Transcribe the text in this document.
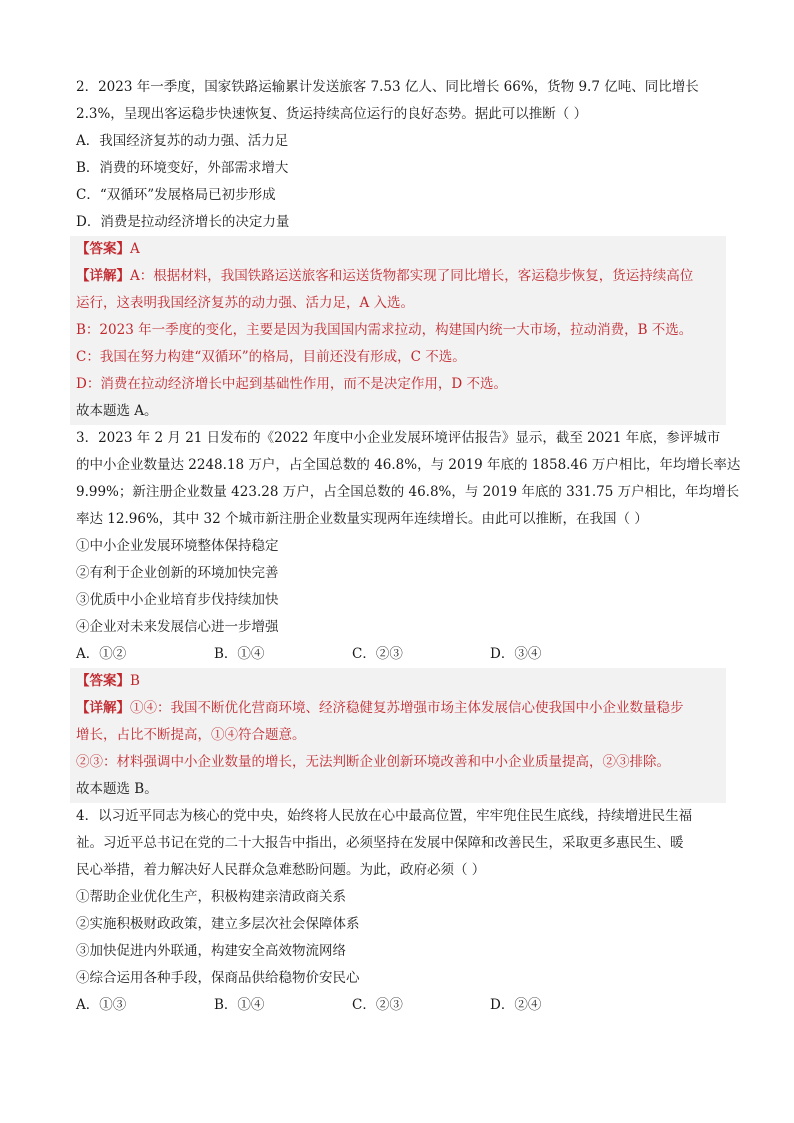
2．2023 年一季度，国家铁路运输累计发送旅客 7.53 亿人、同比增长 66%，货物 9.7 亿吨、同比增长
2.3%，呈现出客运稳步快速恢复、货运持续高位运行的良好态势。据此可以推断（ ）
A．我国经济复苏的动力强、活力足
B．消费的环境变好，外部需求增大
C．“双循环”发展格局已初步形成
D．消费是拉动经济增长的决定力量
【答案】A
【详解】A：根据材料，我国铁路运送旅客和运送货物都实现了同比增长，客运稳步恢复，货运持续高位
运行，这表明我国经济复苏的动力强、活力足，A 入选。
B：2023 年一季度的变化，主要是因为我国国内需求拉动，构建国内统一大市场，拉动消费，B 不选。
C：我国在努力构建“双循环”的格局，目前还没有形成，C 不选。
D：消费在拉动经济增长中起到基础性作用，而不是决定作用，D 不选。
故本题选 A。
3．2023 年 2 月 21 日发布的《2022 年度中小企业发展环境评估报告》显示，截至 2021 年底，参评城市
的中小企业数量达 2248.18 万户，占全国总数的 46.8%，与 2019 年底的 1858.46 万户相比，年均增长率达
9.99%；新注册企业数量 423.28 万户，占全国总数的 46.8%，与 2019 年底的 331.75 万户相比，年均增长
率达 12.96%，其中 32 个城市新注册企业数量实现两年连续增长。由此可以推断，在我国（ ）
①中小企业发展环境整体保持稳定
②有利于企业创新的环境加快完善
③优质中小企业培育步伐持续加快
④企业对未来发展信心进一步增强
A．①②	B．①④	C．②③	D．③④
【答案】B
【详解】①④：我国不断优化营商环境、经济稳健复苏增强市场主体发展信心使我国中小企业数量稳步
增长，占比不断提高，①④符合题意。
②③：材料强调中小企业数量的增长，无法判断企业创新环境改善和中小企业质量提高，②③排除。
故本题选 B。
4．以习近平同志为核心的党中央，始终将人民放在心中最高位置，牢牢兜住民生底线，持续增进民生福
祉。习近平总书记在党的二十大报告中指出，必须坚持在发展中保障和改善民生，采取更多惠民生、暖
民心举措，着力解决好人民群众急难愁盼问题。为此，政府必须（ ）
①帮助企业优化生产，积极构建亲清政商关系
②实施积极财政政策，建立多层次社会保障体系
③加快促进内外联通，构建安全高效物流网络
④综合运用各种手段，保商品供给稳物价安民心
A．①③	B．①④	C．②③	D．②④
